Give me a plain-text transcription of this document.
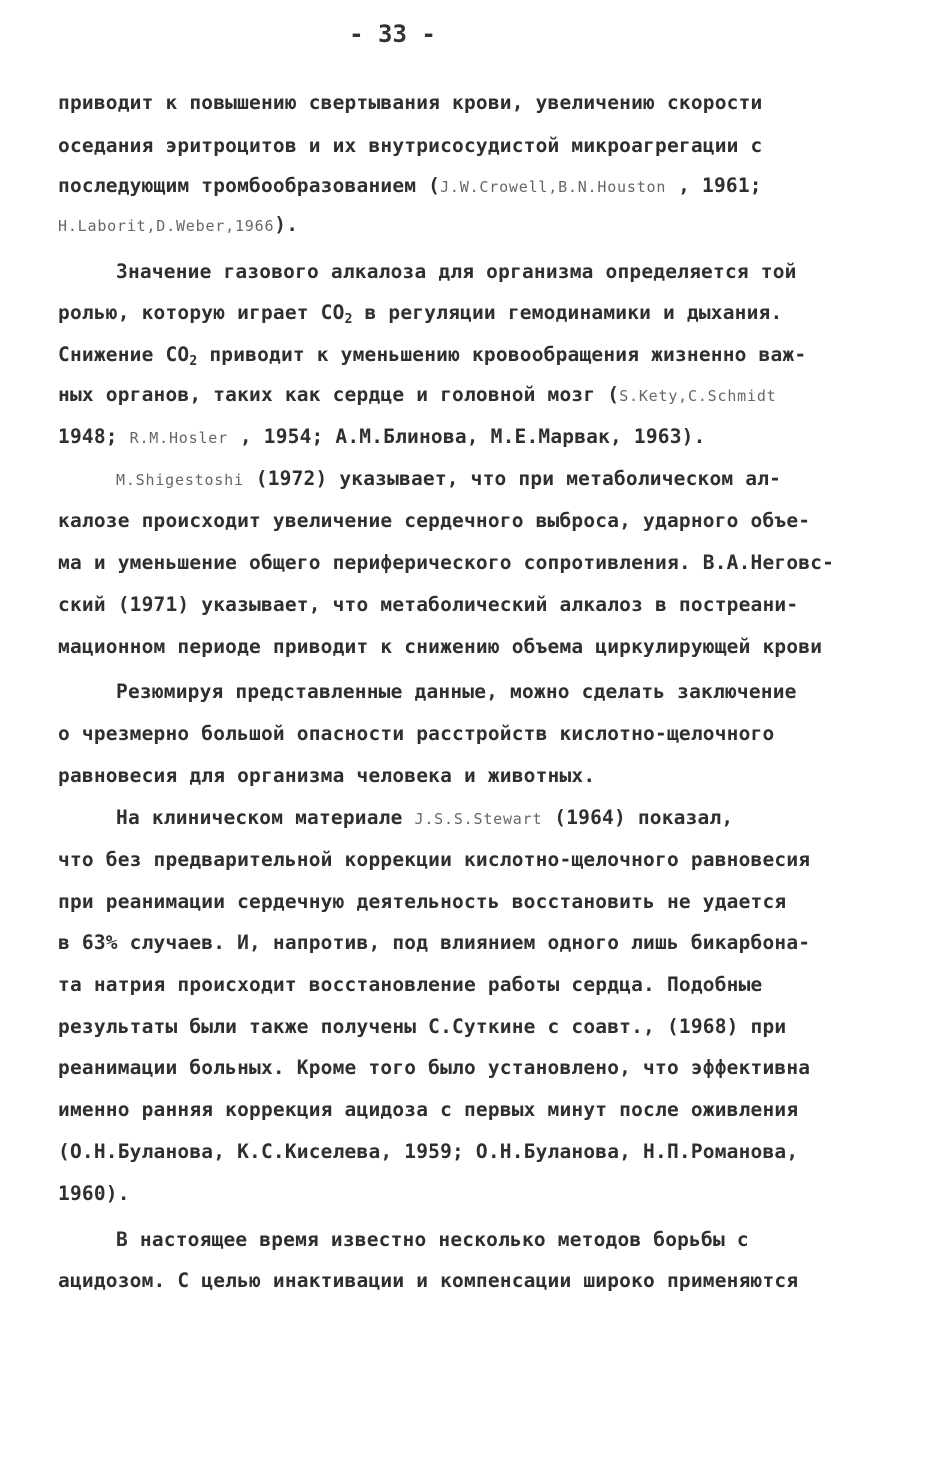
- 33 -
приводит к повышению свертывания крови, увеличению скорости
оседания эритроцитов и их внутрисосудистой микроагрегации с
последующим тромбообразованием (J.W.Crowell,B.N.Houston , 1961;
H.Laborit,D.Weber,1966).
Значение газового алкалоза для организма определяется той
ролью, которую играет $CO_2$ в регуляции гемодинамики и дыхания.
Снижение $CO_2$ приводит к уменьшению кровообращения жизненно важ-
ных органов, таких как сердце и головной мозг (S.Kety,C.Schmidt
1948; R.M.Hosler , 1954; А.М.Блинова, М.Е.Марвак, 1963).
M.Shigestoshi (1972) указывает, что при метаболическом ал-
калозе происходит увеличение сердечного выброса, ударного объе-
ма и уменьшение общего периферического сопротивления. В.А.Неговс-
ский (1971) указывает, что метаболический алкалоз в постреани-
мационном периоде приводит к снижению объема циркулирующей крови
Резюмируя представленные данные, можно сделать заключение
о чрезмерно большой опасности расстройств кислотно-щелочного
равновесия для организма человека и животных.
На клиническом материале J.S.S.Stewart (1964) показал,
что без предварительной коррекции кислотно-щелочного равновесия
при реанимации сердечную деятельность восстановить не удается
в 63% случаев. И, напротив, под влиянием одного лишь бикарбона-
та натрия происходит восстановление работы сердца. Подобные
результаты были также получены С.Суткине с соавт., (1968) при
реанимации больных. Кроме того было установлено, что эффективна
именно ранняя коррекция ацидоза с первых минут после оживления
(О.Н.Буланова, К.С.Киселева, 1959; О.Н.Буланова, Н.П.Романова,
1960).
В настоящее время известно несколько методов борьбы с
ацидозом. С целью инактивации и компенсации широко применяются
